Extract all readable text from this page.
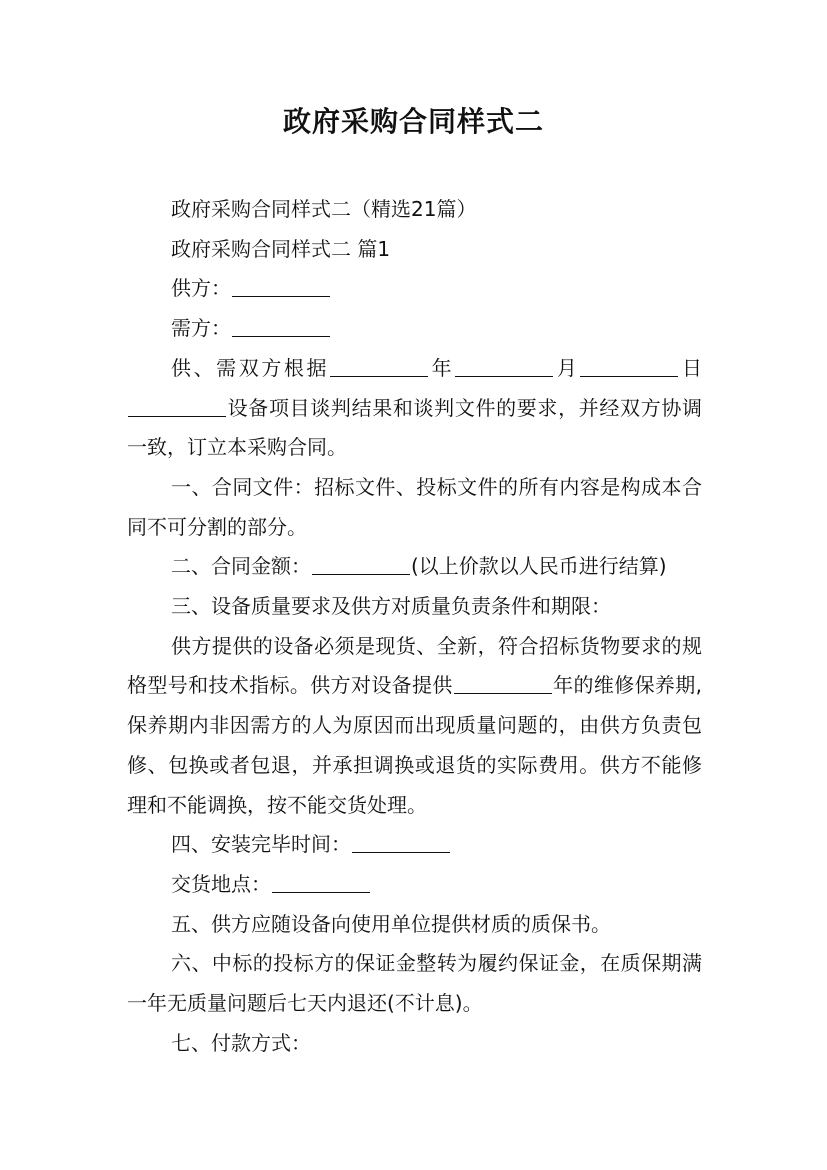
政府采购合同样式二

政府采购合同样式二（精选21篇）

政府采购合同样式二 篇1

供方：

需方：

供、需双方根据	年	月	日设备项目谈判结果和谈判文件的要求，并经双方协调一致，订立本采购合同。

一、合同文件：招标文件、投标文件的所有内容是构成本合同不可分割的部分。

二、合同金额：	(以上价款以人民币进行结算)

三、设备质量要求及供方对质量负责条件和期限：

供方提供的设备必须是现货、全新，符合招标货物要求的规格型号和技术指标。供方对设备提供	年的维修保养期,保养期内非因需方的人为原因而出现质量问题的，由供方负责包修、包换或者包退，并承担调换或退货的实际费用。供方不能修理和不能调换，按不能交货处理。

四、安装完毕时间：

交货地点：

五、供方应随设备向使用单位提供材质的质保书。

六、中标的投标方的保证金整转为履约保证金，在质保期满一年无质量问题后七天内退还(不计息)。

七、付款方式：
